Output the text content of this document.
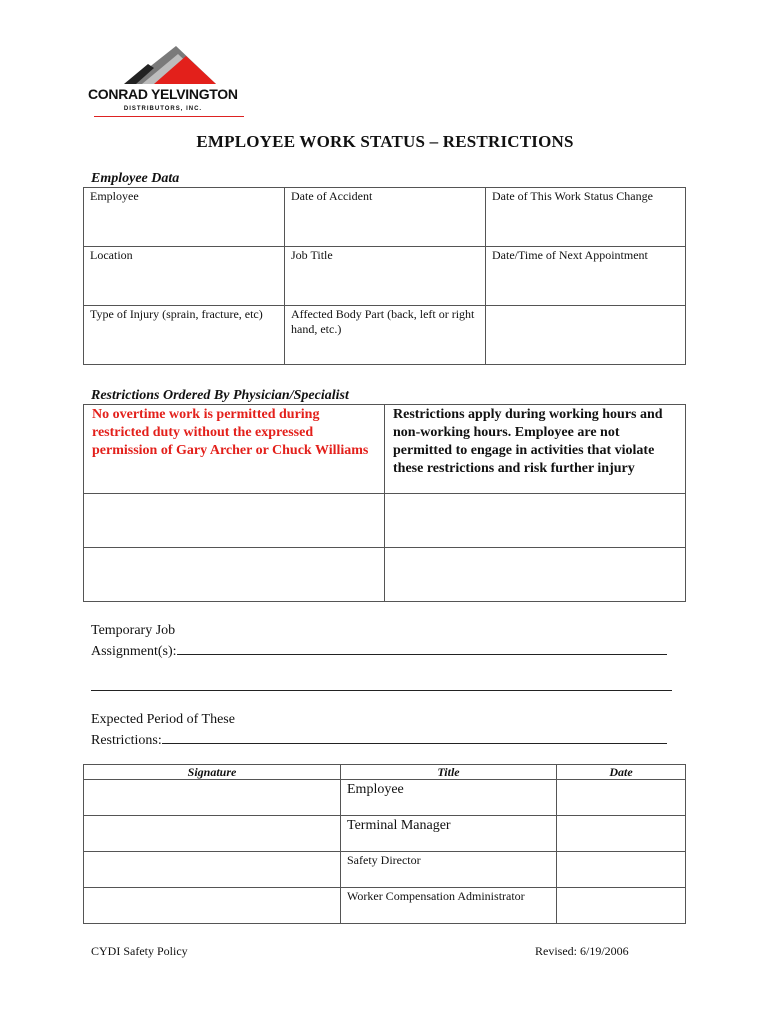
CONRAD YELVINGTON
DISTRIBUTORS, INC.
EMPLOYEE WORK STATUS – RESTRICTIONS
Employee Data
Employee	Date of Accident	Date of This Work Status Change

Location	Job Title	Date/Time of Next Appointment

Type of Injury (sprain, fracture, etc)	Affected Body Part (back, left or right hand, etc.)	

Restrictions Ordered By Physician/Specialist
No overtime work is permitted during restricted duty without the expressed permission of Gary Archer or Chuck Williams	Restrictions apply during working hours and non-working hours. Employee are not permitted to engage in activities that violate these restrictions and risk further injury

Temporary Job
Assignment(s):
Expected Period of These
Restrictions:
Signature	Title	Date

	Employee	

	Terminal Manager	

	Safety Director	

	Worker Compensation Administrator	

CYDI Safety Policy	Revised: 6/19/2006
